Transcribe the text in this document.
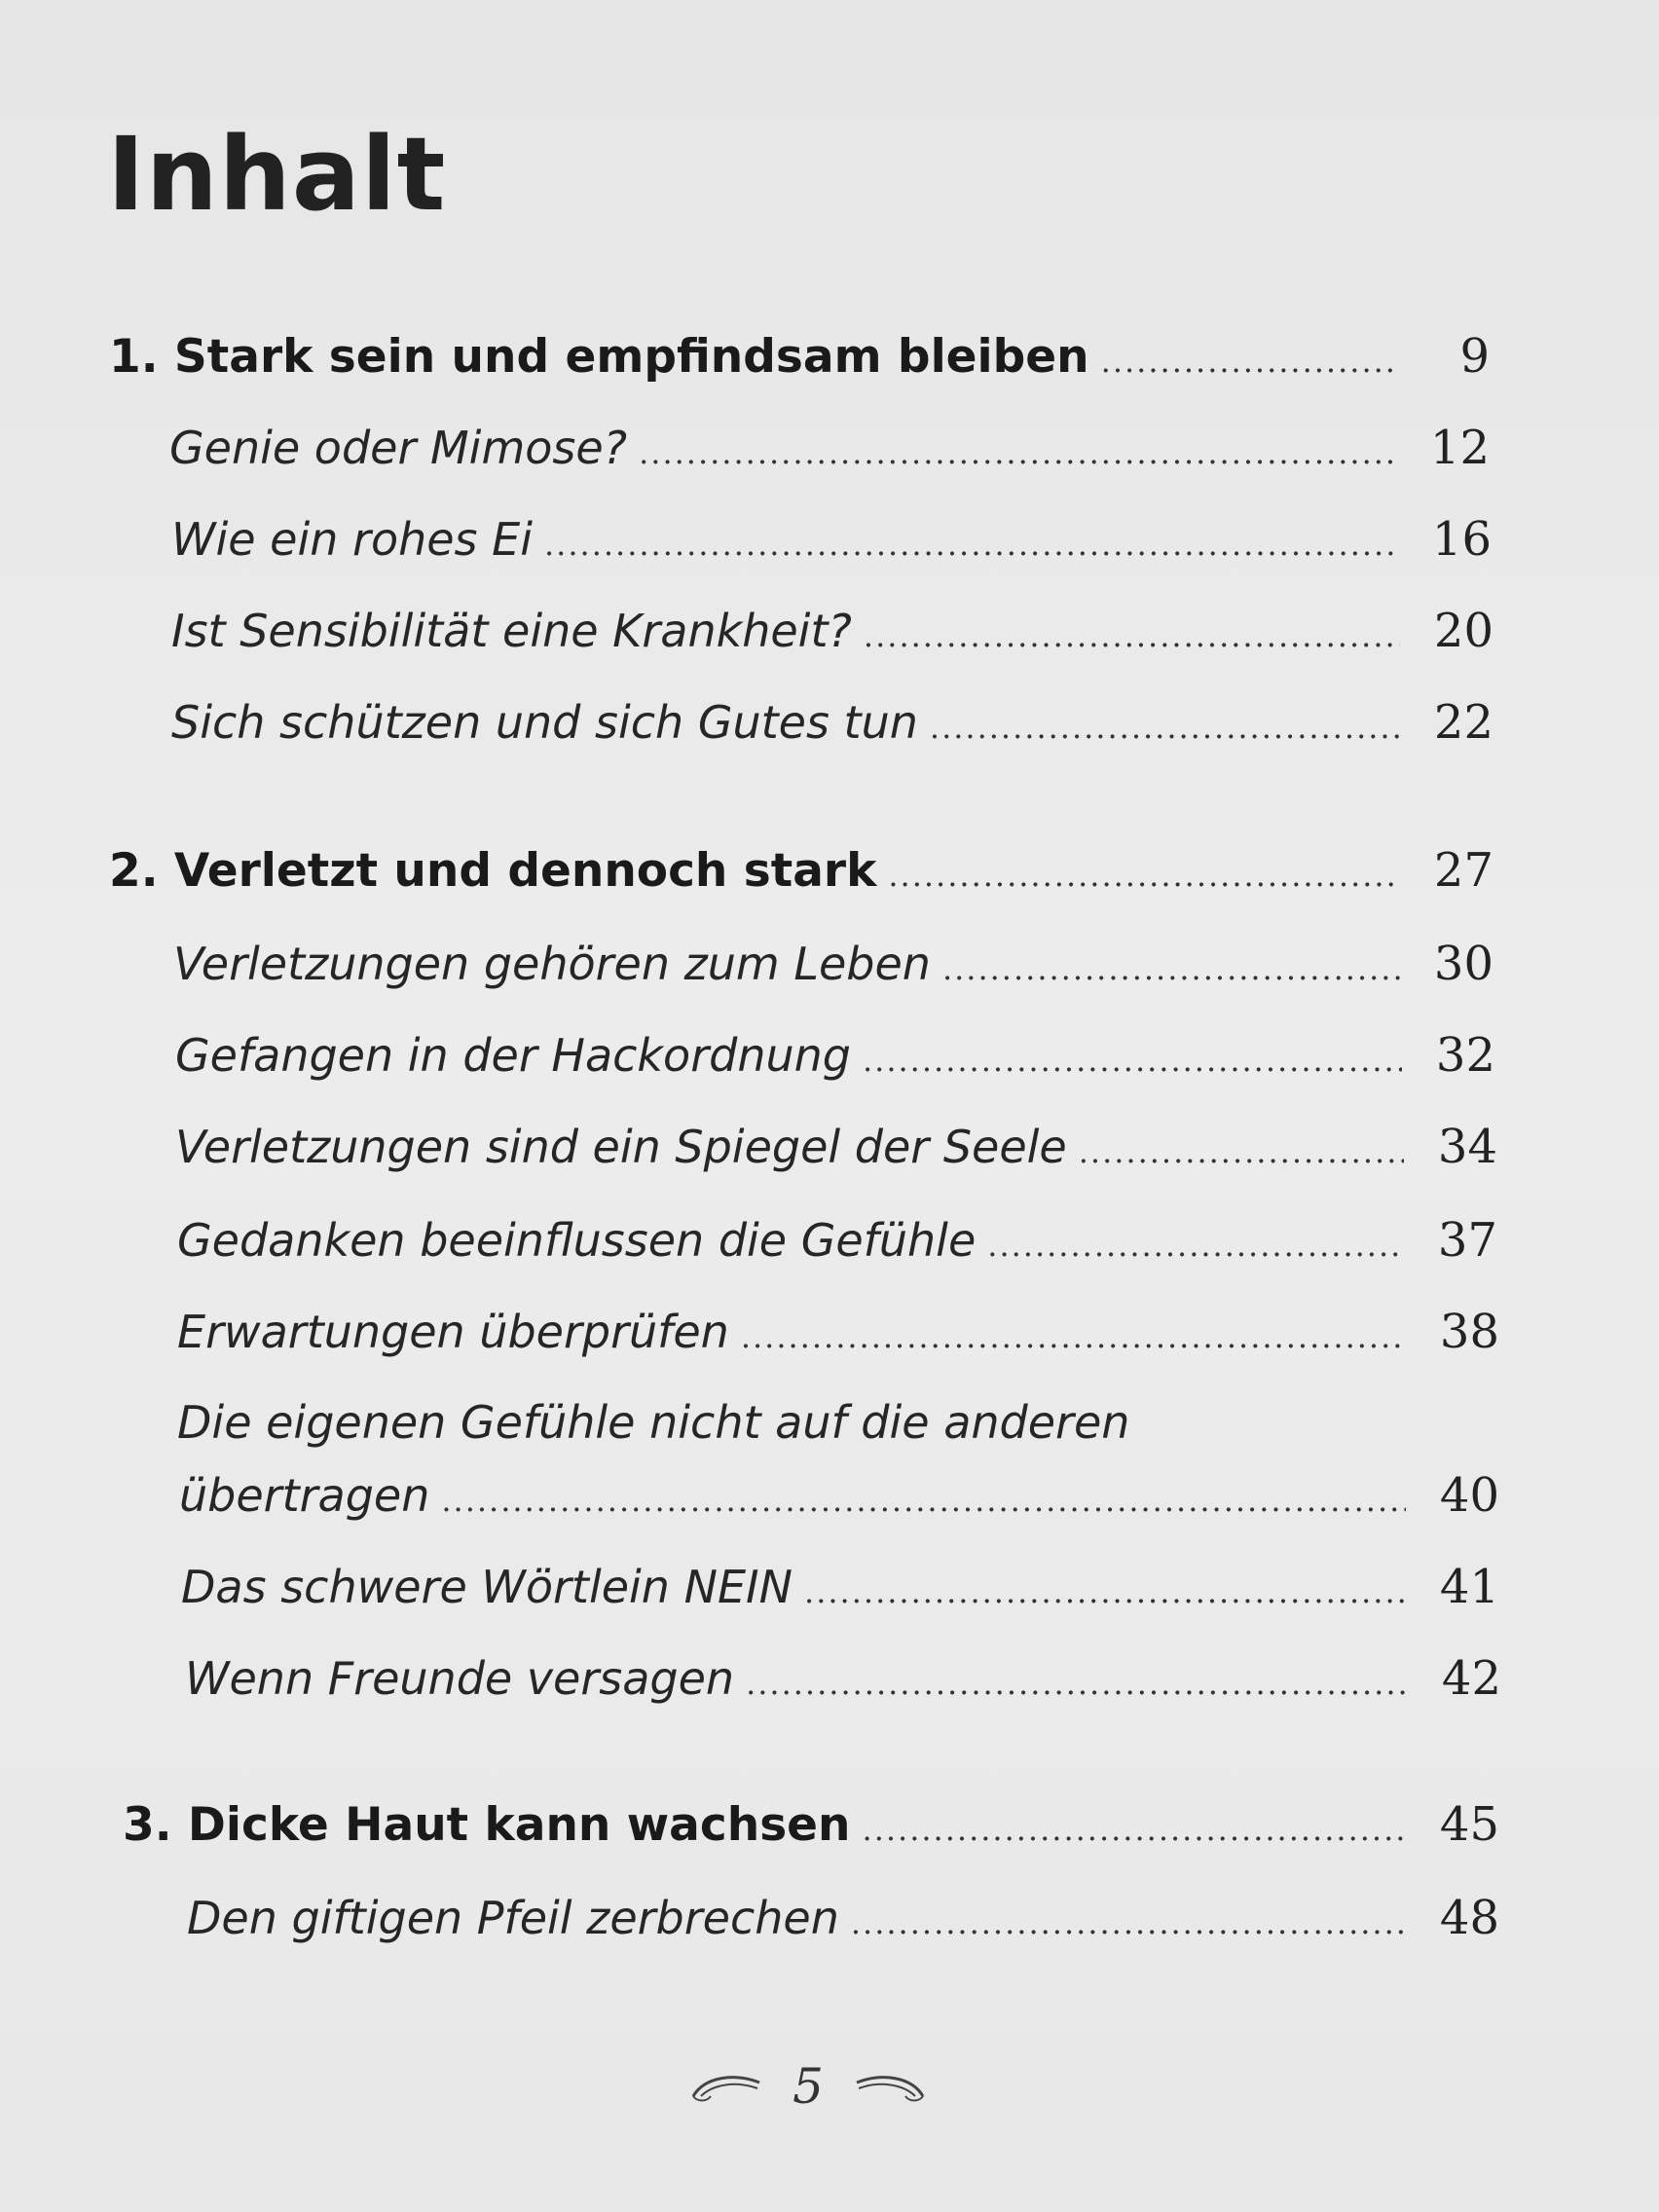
Inhalt
1. Stark sein und empfindsam bleiben .....	9
Genie oder Mimose? .....	12
Wie ein rohes Ei .....	16
Ist Sensibilität eine Krankheit? .....	20
Sich schützen und sich Gutes tun .....	22
2. Verletzt und dennoch stark .....	27
Verletzungen gehören zum Leben .....	30
Gefangen in der Hackordnung .....	32
Verletzungen sind ein Spiegel der Seele .....	34
Gedanken beeinflussen die Gefühle .....	37
Erwartungen überprüfen .....	38
Die eigenen Gefühle nicht auf die anderen
übertragen .....	40
Das schwere Wörtlein NEIN .....	41
Wenn Freunde versagen .....	42
3. Dicke Haut kann wachsen .....	45
Den giftigen Pfeil zerbrechen .....	48
5
